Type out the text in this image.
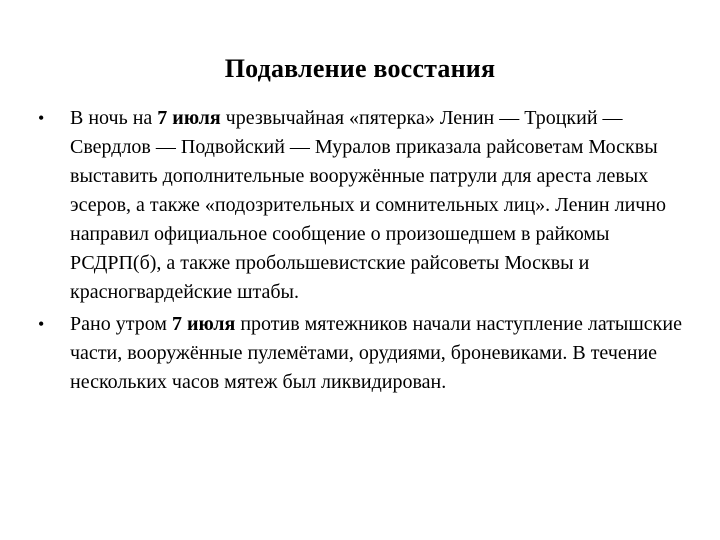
Подавление восстания
• В ночь на 7 июля чрезвычайная «пятерка» Ленин — Троцкий — Свердлов — Подвойский — Муралов приказала райсоветам Москвы выставить дополнительные вооружённые патрули для ареста левых эсеров, а также «подозрительных и сомнительных лиц». Ленин лично направил официальное сообщение о произошедшем в райкомы РСДРП(б), а также пробольшевистские райсоветы Москвы и красногвардейские штабы.
• Рано утром 7 июля против мятежников начали наступление латышские части, вооружённые пулемётами, орудиями, броневиками. В течение нескольких часов мятеж был ликвидирован.
